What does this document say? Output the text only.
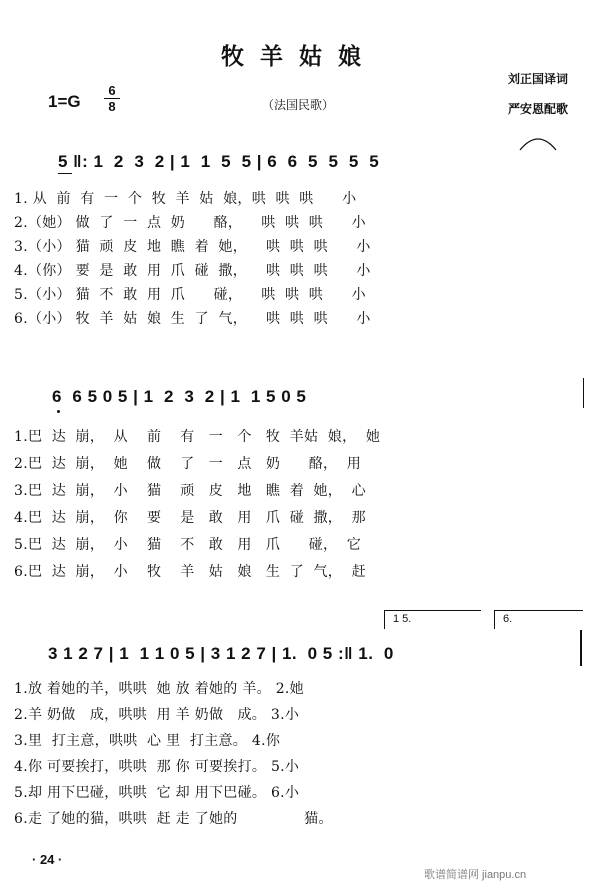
牧羊姑娘
刘正国译词
严安恩配歌
1=G
6
8	（法国民歌）
5 ‖: 1  2  3  2 | 1  1  5  5 | 6  6  5  5  5  5
1. 从  前  有  一  个  牧  羊  姑  娘，哄  哄  哄      小
2.（她） 做  了  一  点  奶      酪，    哄  哄  哄      小
3.（小） 猫  顽  皮  地  瞧  着  她，    哄  哄  哄      小
4.（你） 要  是  敢  用  爪  碰  撒，    哄  哄  哄      小
5.（小） 猫  不  敢  用  爪      碰，    哄  哄  哄      小
6.（小） 牧  羊  姑  娘  生  了  气，    哄  哄  哄      小
6  6 5 0 5 | 1  2  3  2 | 1  1 5 0 5
1.巴  达  崩，  从    前    有   一   个   牧  羊姑  娘，  她
2.巴  达  崩，  她    做    了   一   点   奶      酪，  用
3.巴  达  崩，  小    猫    顽   皮   地   瞧  着  她，  心
4.巴  达  崩，  你    要    是   敢   用   爪  碰  撒，  那
5.巴  达  崩，  小    猫    不   敢   用   爪      碰，  它
6.巴  达  崩，  小    牧    羊   姑   娘   生  了  气，  赶
1 5.	6.
3 1 2 7 | 1  1 1 0 5 | 3 1 2 7 | 1.  0 5 :‖ 1.  0
1.放 着她的羊，哄哄  她 放 着她的 羊。 2.她
2.羊 奶做   成，哄哄  用 羊 奶做   成。 3.小
3.里  打主意，哄哄  心 里  打主意。 4.你
4.你 可要挨打，哄哄  那 你 可要挨打。 5.小
5.却 用下巴碰，哄哄  它 却 用下巴碰。 6.小
6.走 了她的猫，哄哄  赶 走 了她的              猫。
· 24 ·
歌谱简谱网 jianpu.cn
